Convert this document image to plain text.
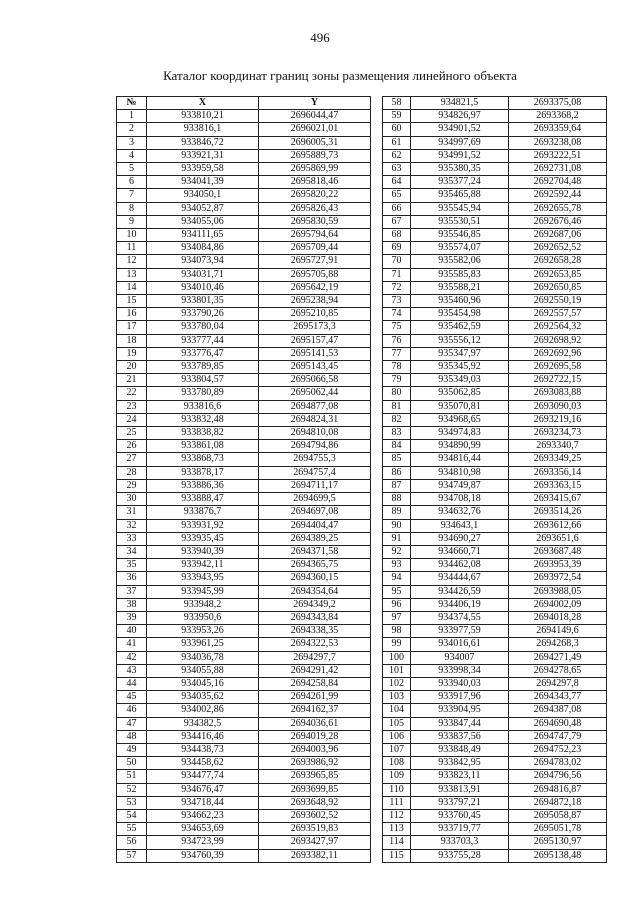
496
Каталог координат границ зоны размещения линейного объекта
№	X	Y
1	933810,21	2696044,47
2	933816,1	2696021,01
3	933846,72	2696005,31
4	933921,31	2695889,73
5	933959,58	2695869,99
6	934041,39	2695818,46
7	934050,1	2695820,22
8	934052,87	2695826,43
9	934055,06	2695830,59
10	934111,65	2695794,64
11	934084,86	2695709,44
12	934073,94	2695727,91
13	934031,71	2695705,88
14	934010,46	2695642,19
15	933801,35	2695238,94
16	933790,26	2695210,85
17	933780,04	2695173,3
18	933777,44	2695157,47
19	933776,47	2695141,53
20	933789,85	2695143,45
21	933804,57	2695066,58
22	933780,89	2695062,44
23	933816,6	2694877,08
24	933832,48	2694824,31
25	933838,82	2694810,08
26	933861,08	2694794,86
27	933868,73	2694755,3
28	933878,17	2694757,4
29	933886,36	2694711,17
30	933888,47	2694699,5
31	933876,7	2694697,08
32	933931,92	2694404,47
33	933935,45	2694389,25
34	933940,39	2694371,58
35	933942,11	2694365,75
36	933943,95	2694360,15
37	933945,99	2694354,64
38	933948,2	2694349,2
39	933950,6	2694343,84
40	933953,26	2694338,35
41	933961,25	2694322,53
42	934036,78	2694297,7
43	934055,88	2694291,42
44	934045,16	2694258,84
45	934035,62	2694261,99
46	934002,86	2694162,37
47	934382,5	2694036,61
48	934416,46	2694019,28
49	934438,73	2694003,96
50	934458,62	2693986,92
51	934477,74	2693965,85
52	934676,47	2693699,85
53	934718,44	2693648,92
54	934662,23	2693602,52
55	934653,69	2693519,83
56	934723,99	2693427,97
57	934760,39	2693382,11
58	934821,5	2693375,08
59	934826,97	2693368,2
60	934901,52	2693359,64
61	934997,69	2693238,08
62	934991,52	2693222,51
63	935380,35	2692731,08
64	935377,24	2692704,48
65	935465,88	2692592,44
66	935545,94	2692655,78
67	935530,51	2692676,46
68	935546,85	2692687,06
69	935574,07	2692652,52
70	935582,06	2692658,28
71	935585,83	2692653,85
72	935588,21	2692650,85
73	935460,96	2692550,19
74	935454,98	2692557,57
75	935462,59	2692564,32
76	935556,12	2692698,92
77	935347,97	2692692,96
78	935345,92	2692695,58
79	935349,03	2692722,15
80	935062,85	2693083,88
81	935070,81	2693090,03
82	934968,65	2693219,16
83	934974,83	2693234,73
84	934890,99	2693340,7
85	934816,44	2693349,25
86	934810,98	2693356,14
87	934749,87	2693363,15
88	934708,18	2693415,67
89	934632,76	2693514,26
90	934643,1	2693612,66
91	934690,27	2693651,6
92	934660,71	2693687,48
93	934462,08	2693953,39
94	934444,67	2693972,54
95	934426,59	2693988,05
96	934406,19	2694002,09
97	934374,55	2694018,28
98	933977,59	2694149,6
99	934016,61	2694268,3
100	934007	2694271,49
101	933998,34	2694278,65
102	933940,03	2694297,8
103	933917,96	2694343,77
104	933904,95	2694387,08
105	933847,44	2694690,48
106	933837,56	2694747,79
107	933848,49	2694752,23
108	933842,95	2694783,02
109	933823,11	2694796,56
110	933813,91	2694816,87
111	933797,21	2694872,18
112	933760,45	2695058,87
113	933719,77	2695051,78
114	933703,3	2695130,97
115	933755,28	2695138,48
